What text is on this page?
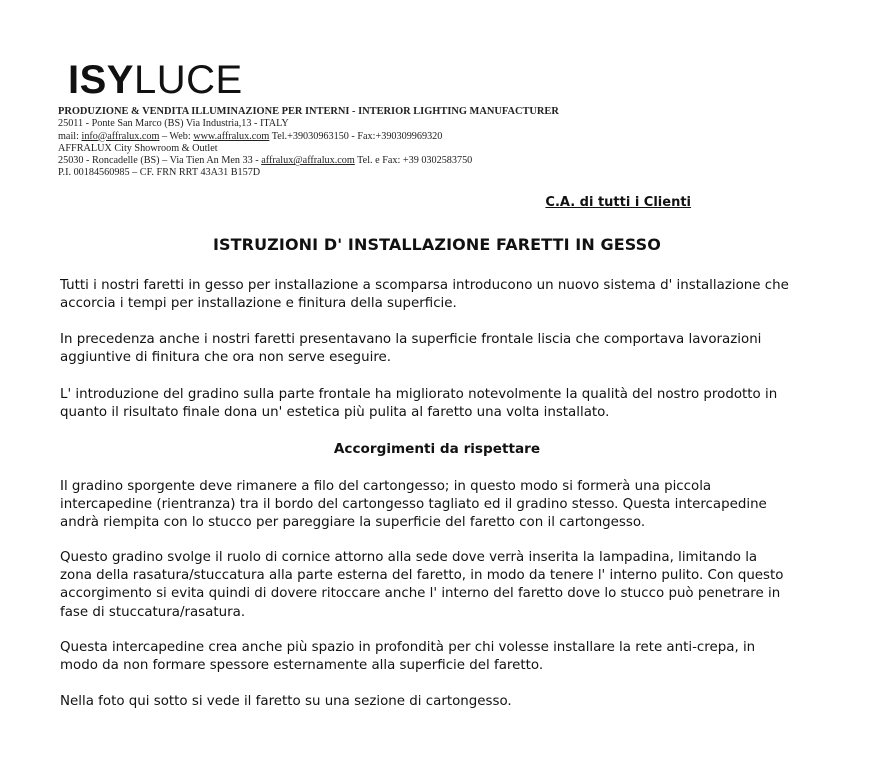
ISYLUCE
PRODUZIONE & VENDITA ILLUMINAZIONE PER INTERNI - INTERIOR LIGHTING MANUFACTURER
25011 - Ponte San Marco (BS) Via Industria,13 - ITALY
mail: info@affralux.com – Web: www.affralux.com Tel.+39030963150 - Fax:+390309969320
AFFRALUX City Showroom & Outlet
25030 - Roncadelle (BS) – Via Tien An Men 33 - affralux@affralux.com Tel. e Fax: +39 0302583750
P.I. 00184560985 – CF. FRN RRT 43A31 B157D
C.A. di tutti i Clienti
ISTRUZIONI D' INSTALLAZIONE FARETTI IN GESSO

Tutti i nostri faretti in gesso per installazione a scomparsa introducono un nuovo sistema d' installazione che accorcia i tempi per installazione e finitura della superficie.

In precedenza anche i nostri faretti presentavano la superficie frontale liscia che comportava lavorazioni aggiuntive di finitura che ora non serve eseguire.

L' introduzione del gradino sulla parte frontale ha migliorato notevolmente la qualità del nostro prodotto in quanto il risultato finale dona un' estetica più pulita al faretto una volta installato.

Accorgimenti da rispettare

Il gradino sporgente deve rimanere a filo del cartongesso; in questo modo si formerà una piccola intercapedine (rientranza) tra il bordo del cartongesso tagliato ed il gradino stesso. Questa intercapedine andrà riempita con lo stucco per pareggiare la superficie del faretto con il cartongesso.

Questo gradino svolge il ruolo di cornice attorno alla sede dove verrà inserita la lampadina, limitando la zona della rasatura/stuccatura alla parte esterna del faretto, in modo da tenere l' interno pulito. Con questo accorgimento si evita quindi di dovere ritoccare anche l' interno del faretto dove lo stucco può penetrare in fase di stuccatura/rasatura.

Questa intercapedine crea anche più spazio in profondità per chi volesse installare la rete anti-crepa, in modo da non formare spessore esternamente alla superficie del faretto.

Nella foto qui sotto si vede il faretto su una sezione di cartongesso.
